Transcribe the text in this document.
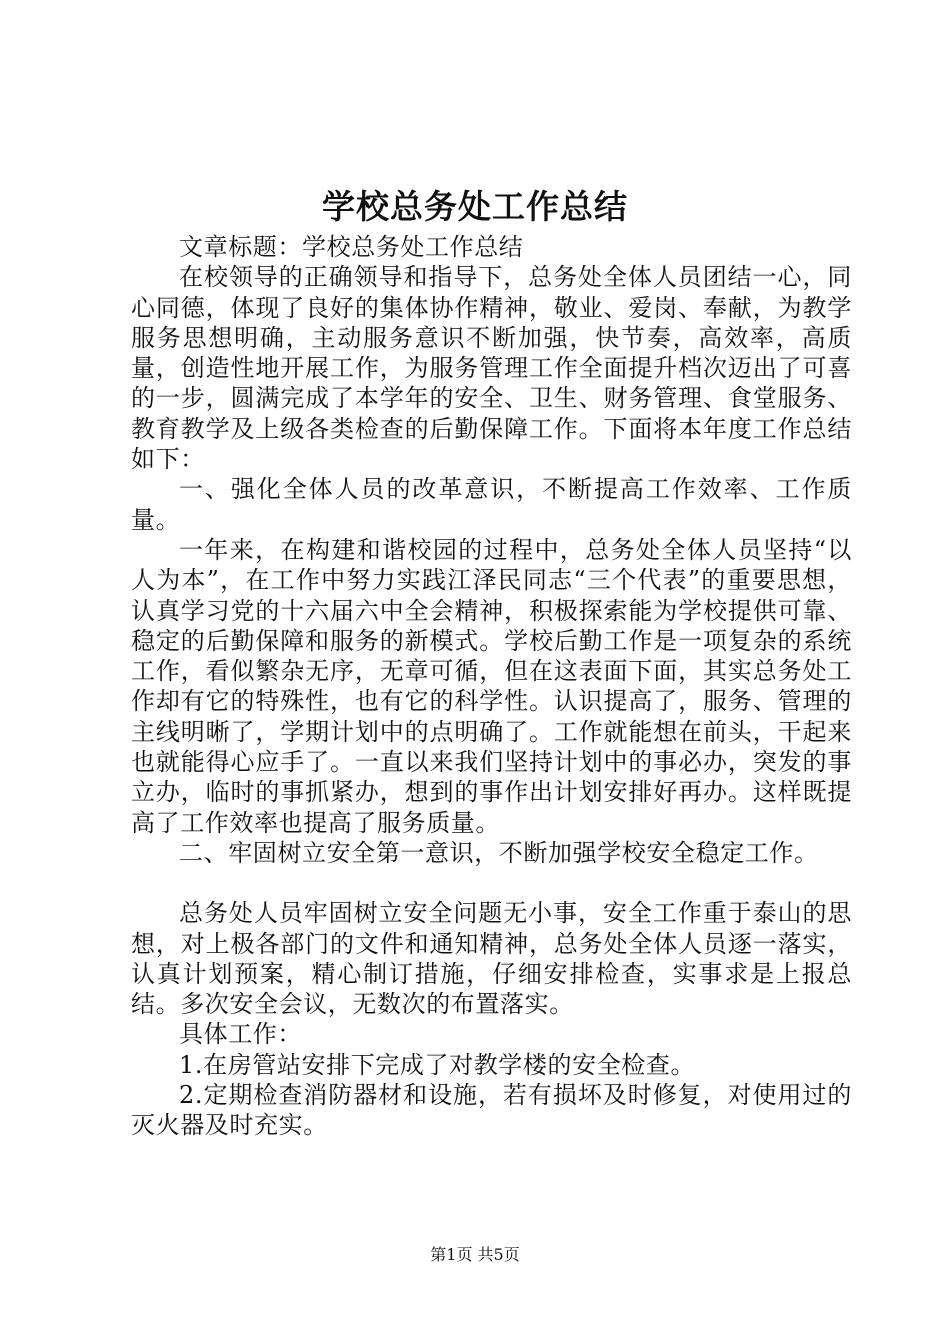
学校总务处工作总结

文章标题：学校总务处工作总结

在校领导的正确领导和指导下，总务处全体人员团结一心，同心同德，体现了良好的集体协作精神，敬业、爱岗、奉献，为教学服务思想明确，主动服务意识不断加强，快节奏，高效率，高质量，创造性地开展工作，为服务管理工作全面提升档次迈出了可喜的一步，圆满完成了本学年的安全、卫生、财务管理、食堂服务、教育教学及上级各类检查的后勤保障工作。下面将本年度工作总结如下：

一、强化全体人员的改革意识，不断提高工作效率、工作质量。

一年来，在构建和谐校园的过程中，总务处全体人员坚持“以人为本”，在工作中努力实践江泽民同志“三个代表”的重要思想，认真学习党的十六届六中全会精神，积极探索能为学校提供可靠、稳定的后勤保障和服务的新模式。学校后勤工作是一项复杂的系统工作，看似繁杂无序，无章可循，但在这表面下面，其实总务处工作却有它的特殊性，也有它的科学性。认识提高了，服务、管理的主线明晰了，学期计划中的点明确了。工作就能想在前头，干起来也就能得心应手了。一直以来我们坚持计划中的事必办，突发的事立办，临时的事抓紧办，想到的事作出计划安排好再办。这样既提高了工作效率也提高了服务质量。

二、牢固树立安全第一意识，不断加强学校安全稳定工作。

总务处人员牢固树立安全问题无小事，安全工作重于泰山的思想，对上极各部门的文件和通知精神，总务处全体人员逐一落实，认真计划预案，精心制订措施，仔细安排检查，实事求是上报总结。多次安全会议，无数次的布置落实。

具体工作：

1.在房管站安排下完成了对教学楼的安全检查。

2.定期检查消防器材和设施，若有损坏及时修复，对使用过的灭火器及时充实。

第1页 共5页
